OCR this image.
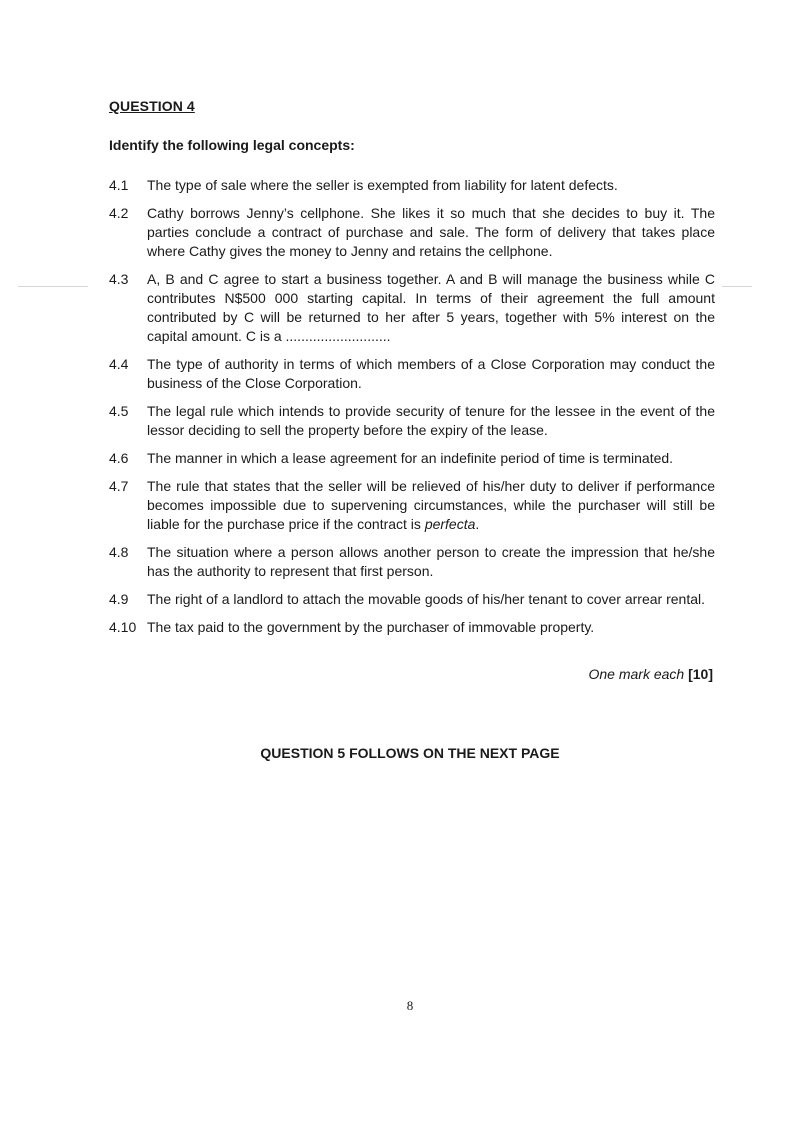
QUESTION 4
Identify the following legal concepts:
4.1	The type of sale where the seller is exempted from liability for latent defects.
4.2	Cathy borrows Jenny’s cellphone. She likes it so much that she decides to buy it. The parties conclude a contract of purchase and sale. The form of delivery that takes place where Cathy gives the money to Jenny and retains the cellphone.
4.3	A, B and C agree to start a business together. A and B will manage the business while C contributes N$500 000 starting capital. In terms of their agreement the full amount contributed by C will be returned to her after 5 years, together with 5% interest on the capital amount. C is a ...........................
4.4	The type of authority in terms of which members of a Close Corporation may conduct the business of the Close Corporation.
4.5	The legal rule which intends to provide security of tenure for the lessee in the event of the lessor deciding to sell the property before the expiry of the lease.
4.6	The manner in which a lease agreement for an indefinite period of time is terminated.
4.7	The rule that states that the seller will be relieved of his/her duty to deliver if performance becomes impossible due to supervening circumstances, while the purchaser will still be liable for the purchase price if the contract is perfecta.
4.8	The situation where a person allows another person to create the impression that he/she has the authority to represent that first person.
4.9	The right of a landlord to attach the movable goods of his/her tenant to cover arrear rental.
4.10 The tax paid to the government by the purchaser of immovable property.
One mark each [10]
QUESTION 5 FOLLOWS ON THE NEXT PAGE
8
